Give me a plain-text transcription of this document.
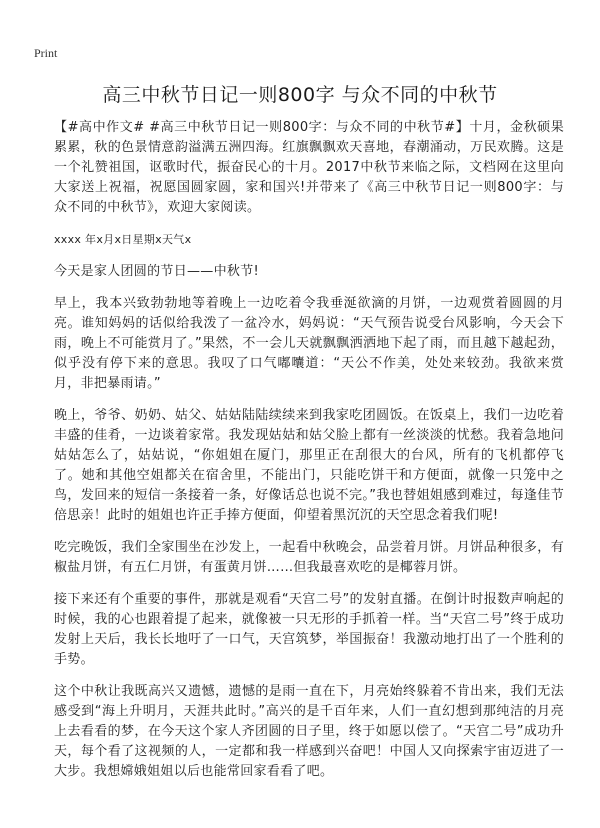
Print
高三中秋节日记一则800字 与众不同的中秋节

【#高中作文# #高三中秋节日记一则800字：与众不同的中秋节#】十月，金秋硕果累累，秋的色景情意韵溢满五洲四海。红旗飘飘欢天喜地，春潮涌动，万民欢腾。这是一个礼赞祖国，讴歌时代，振奋民心的十月。2017中秋节来临之际，文档网在这里向大家送上祝福，祝愿国圆家圆，家和国兴!并带来了《高三中秋节日记一则800字：与众不同的中秋节》，欢迎大家阅读。

xxxx 年x月x日星期x天气x

今天是家人团圆的节日——中秋节!

早上，我本兴致勃勃地等着晚上一边吃着令我垂涎欲滴的月饼，一边观赏着圆圆的月亮。谁知妈妈的话似给我泼了一盆冷水，妈妈说：“天气预告说受台风影响，今天会下雨，晚上不可能赏月了。”果然，不一会儿天就飘飘洒洒地下起了雨，而且越下越起劲，似乎没有停下来的意思。我叹了口气嘟囔道：“天公不作美，处处来较劲。我欲来赏月，非把暴雨请。”

晚上，爷爷、奶奶、姑父、姑姑陆陆续续来到我家吃团圆饭。在饭桌上，我们一边吃着丰盛的佳肴，一边谈着家常。我发现姑姑和姑父脸上都有一丝淡淡的忧愁。我着急地问姑姑怎么了，姑姑说，“你姐姐在厦门，那里正在刮很大的台风，所有的飞机都停飞了。她和其他空姐都关在宿舍里，不能出门，只能吃饼干和方便面，就像一只笼中之鸟，发回来的短信一条接着一条，好像话总也说不完。”我也替姐姐感到难过，每逢佳节倍思亲！此时的姐姐也许正手捧方便面，仰望着黑沉沉的天空思念着我们呢!

吃完晚饭，我们全家围坐在沙发上，一起看中秋晚会，品尝着月饼。月饼品种很多，有椒盐月饼，有五仁月饼，有蛋黄月饼……但我最喜欢吃的是椰蓉月饼。

接下来还有个重要的事件，那就是观看“天宫二号”的发射直播。在倒计时报数声响起的时候，我的心也跟着提了起来，就像被一只无形的手抓着一样。当“天宫二号”终于成功发射上天后，我长长地吁了一口气，天宫筑梦，举国振奋！我激动地打出了一个胜利的手势。

这个中秋让我既高兴又遗憾，遗憾的是雨一直在下，月亮始终躲着不肯出来，我们无法感受到“海上升明月，天涯共此时。”高兴的是千百年来，人们一直幻想到那纯洁的月亮上去看看的梦，在今天这个家人齐团圆的日子里，终于如愿以偿了。“天宫二号”成功升天，每个看了这视频的人，一定都和我一样感到兴奋吧！中国人又向探索宇宙迈进了一大步。我想嫦娥姐姐以后也能常回家看看了吧。
